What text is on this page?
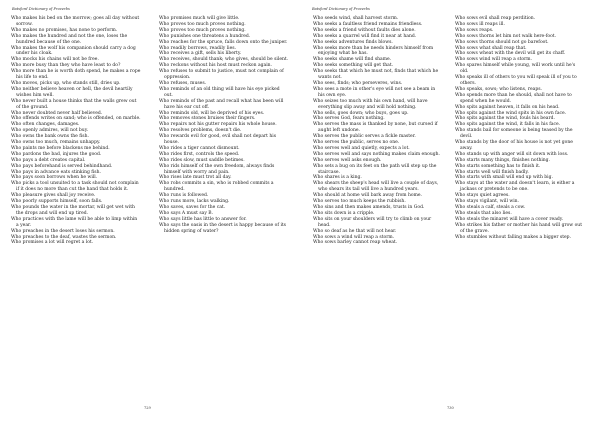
Batsford Dictionary of Proverbs

Who makes his bed on the morrow; goes all day without sorrow.

Who makes no promises, has none to perform.

Who makes the hundred and not the one, loses the hundred because of the one.

Who makes the wolf his companion should carry a dog under his cloak.

Who mocks his chains will not be free.

Who more busy than they who have least to do?

Who more than he is worth doth spend, he makes a rope his life to end.

Who moves, picks up, who stands still, dries up.

Who neither believe heaven or hell, the devil heartily wishes him well.

Who never built a house thinks that the walls grew out of the ground.

Who never doubted never half believed.

Who offends writes on sand; who is offended, on marble.

Who often changes, damages.

Who openly admires, will not buy.

Who owns the bank owns the fish.

Who owns too much, remains unhappy.

Who paints me before blackens me behind.

Who pardons the bad, injures the good.

Who pays a debt creates capital.

Who pays beforehand is served behindhand.

Who pays in advance eats stinking fish.

Who pays soon borrows when he will.

Who picks a tool unsuited to a task should not complain if it does no more than cut the hand that holds it.

Who pleasure gives shall joy receive.

Who poorly supports himself, soon falls.

Who pounds the water in the mortar, will get wet with the drops and will end up tired.

Who practices with the lame will be able to limp within a year.

Who preaches in the desert loses his sermon.

Who preaches to the deaf, wastes the sermon.

Who promises a lot will regret a lot.

Who promises much will give little.

Who proves too much proves nothing.

Who proves too much proves nothing.

Who punishes one threatens a hundred.

Who reaches for the spruce, falls down onto the juniper.

Who readily borrows, readily lies.

Who receives a gift, sells his liberty.

Who receives, should thank; who gives, should be silent.

Who reckons without his host must reckon again.

Who refuses to submit to justice, must not complain of oppression.

Who refuses, muses.

Who reminds of an old thing will have his eye picked out.

Who reminds of the past and recall what has been will have his ear cut off.

Who reminds old, will be deprived of his eyes.

Who removes stones bruises their fingers.

Who repairs not his gutter repairs his whole house.

Who resolves problems, doesn't die.

Who rewards evil for good, evil shall not depart his house.

Who rides a tiger cannot dismount.

Who rides first, controls the speed.

Who rides slow, must saddle betimes.

Who rids himself of the own freedom, always finds himself with worry and pain.

Who rises late must trot all day.

Who robs commits a sin, who is robbed commits a hundred.

Who runs is followed.

Who runs more, lacks walking.

Who saves, saves for the cat.

Who says A must say B.

Who says little has little to answer for.

Who says the oasis in the desert is happy because of its hidden spring of water?

729
Batsford Dictionary of Proverbs

Who seeds wind, shall harvest storm.

Who seeks a faultless friend remains friendless.

Who seeks a friend without faults dies alone.

Who seeks a quarrel will find it near at hand.

Who seeks adventures finds blows.

Who seeks more than he needs hinders himself from enjoying what he has.

Who seeks shame will find shame.

Who seeks something will get that.

Who seeks that which he must not, finds that which he wants not.

Who sees, finds; who perseveres, wins.

Who sees a mote in other's eye will not see a beam in his own eye.

Who seizes too much with his own hand, will have everything slip away and will hold nothing.

Who sells, goes down; who buys, goes up.

Who serves God, fears nothing.

Who serves the mass is thanked by none, but cursed if aught left undone.

Who serves the public serves a fickle master.

Who serves the public, serves no one.

Who serves well and quietly, expects a lot.

Who serves well and says nothing makes claim enough.

Who serves well asks enough.

Who sets a bug on its feet on the path will step up the staircase.

Who shares is a king.

Who shears the sheep's head will live a couple of days, who shears its tail will live a hundred years.

Who should at home will bark away from home.

Who serves too much keeps the rubbish.

Who sins and then makes amends, trusts in God.

Who sits down is a cripple.

Who sits on your shoulders will try to climb on your head.

Who so deaf as he that will not hear.

Who sows a wind will reap a storm.

Who sows barley cannot reap wheat.

Who sows evil shall reap perdition.

Who sows ill reaps ill.

Who sows reaps.

Who sows thorns let him not walk here-foot.

Who sows thorns should not go barefoot.

Who sows what shall reap that.

Who sows wheat with the devil will get its chaff.

Who sows wind will reap a storm.

Who spares himself while young, will work until he's old.

Who speaks ill of others to you will speak ill of you to others.

Who speaks, sows; who listens, reaps.

Who spends more than he should, shall not have to spend when he would.

Who spits against heaven, it falls on his head.

Who spits against the wind spits in his own face.

Who spits against the wind, fouls his beard.

Who spits against the wind, it falls in his face.

Who stands bail for someone is being teased by the devil.

Who stands by the door of his house is not yet gone away.

Who stands up with anger will sit down with loss.

Who starts many things, finishes nothing.

Who starts something has to finish it.

Who starts well will finish badly.

Who starts with small will end up with big.

Who stays at the water and doesn't learn, is either a jackass or pretends to be one.

Who stays quiet agrees.

Who stays vigilant, will win.

Who steals a calf, steals a cow.

Who steals that also lies.

Who steals the minaret will have a cover ready.

Who strikes his father or mother his hand will grow out of the grave.

Who stumbles without falling makes a bigger step.

730
